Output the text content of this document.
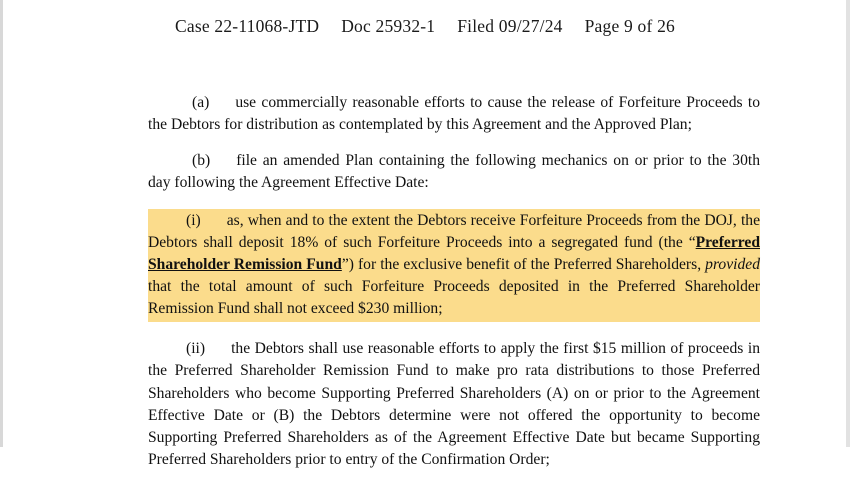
Case 22-11068-JTD Doc 25932-1 Filed 09/27/24 Page 9 of 26

(a) use commercially reasonable efforts to cause the release of Forfeiture Proceeds to the Debtors for distribution as contemplated by this Agreement and the Approved Plan;

(b) file an amended Plan containing the following mechanics on or prior to the 30th day following the Agreement Effective Date:

(i) as, when and to the extent the Debtors receive Forfeiture Proceeds from the DOJ, the Debtors shall deposit 18% of such Forfeiture Proceeds into a segregated fund (the “Preferred Shareholder Remission Fund”) for the exclusive benefit of the Preferred Shareholders, provided that the total amount of such Forfeiture Proceeds deposited in the Preferred Shareholder Remission Fund shall not exceed $230 million;

(ii) the Debtors shall use reasonable efforts to apply the first $15 million of proceeds in the Preferred Shareholder Remission Fund to make pro rata distributions to those Preferred Shareholders who become Supporting Preferred Shareholders (A) on or prior to the Agreement Effective Date or (B) the Debtors determine were not offered the opportunity to become Supporting Preferred Shareholders as of the Agreement Effective Date but became Supporting Preferred Shareholders prior to entry of the Confirmation Order;
